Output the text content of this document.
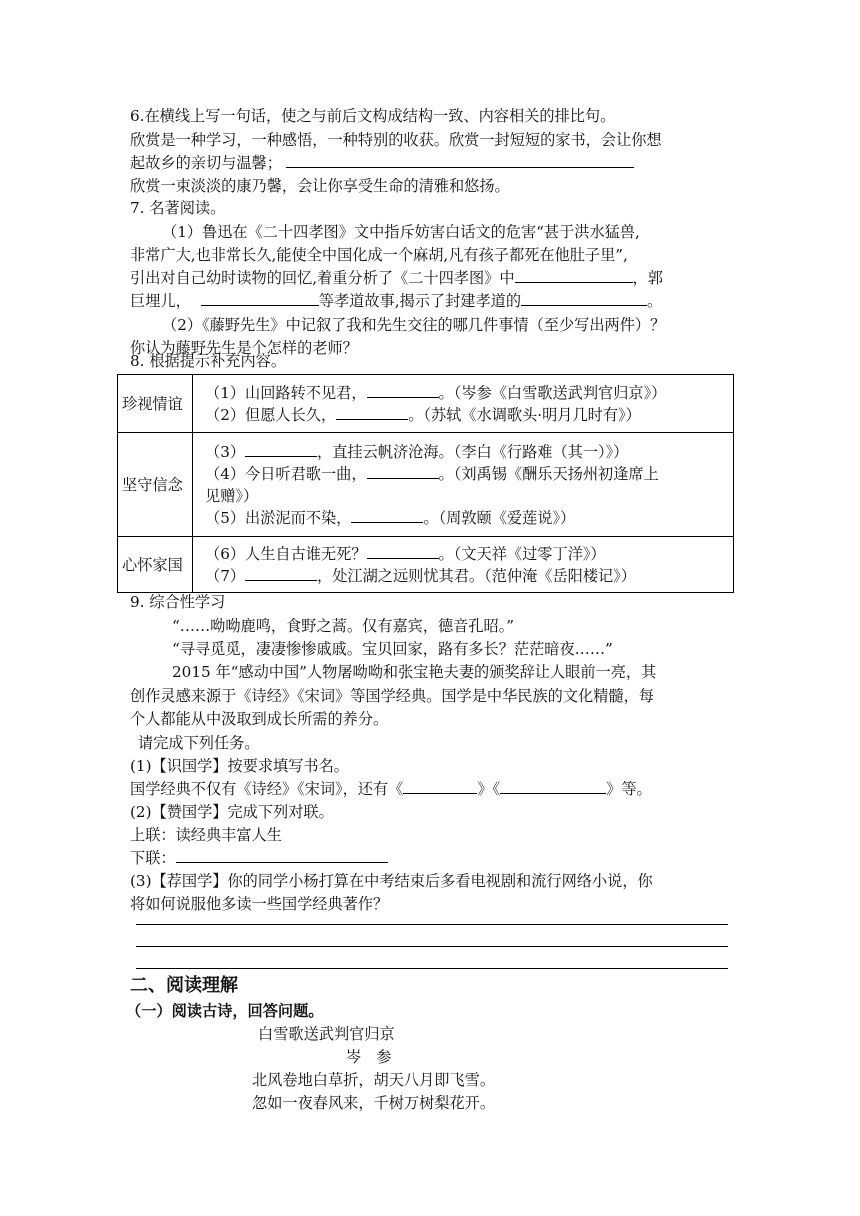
6.在横线上写一句话，使之与前后文构成结构一致、内容相关的排比句。
欣赏是一种学习，一种感悟，一种特别的收获。欣赏一封短短的家书，会让你想
起故乡的亲切与温馨；
欣赏一束淡淡的康乃馨，会让你享受生命的清雅和悠扬。
7. 名著阅读。
（1）鲁迅在《二十四孝图》文中指斥妨害白话文的危害“甚于洪水猛兽,
非常广大,也非常长久,能使全中国化成一个麻胡,凡有孩子都死在他肚子里”,
引出对自己幼时读物的回忆,着重分析了《二十四孝图》中	，郭
巨埋儿，	等孝道故事,揭示了封建孝道的	。
（2）《藤野先生》中记叙了我和先生交往的哪几件事情（至少写出两件）？
你认为藤野先生是个怎样的老师？
8. 根据提示补充内容。
珍视情谊	（1）山回路转不见君， 。（岑参《白雪歌送武判官归京》）
（2）但愿人长久， 。（苏轼《水调歌头·明月几时有》）

坚守信念	（3） ，直挂云帆济沧海。（李白《行路难（其一）》）
（4）今日听君歌一曲， 。（刘禹锡《酬乐天扬州初逢席上
见赠》）
（5）出淤泥而不染， 。（周敦颐《爱莲说》）

心怀家国	（6）人生自古谁无死？ 。（文天祥《过零丁洋》）
（7） ，处江湖之远则忧其君。（范仲淹《岳阳楼记》）
9. 综合性学习
“……呦呦鹿鸣，食野之蒿。仅有嘉宾，德音孔昭。”
“寻寻觅觅，凄凄惨惨戚戚。宝贝回家，路有多长？茫茫暗夜……”
2015 年“感动中国”人物屠呦呦和张宝艳夫妻的颁奖辞让人眼前一亮，其
创作灵感来源于《诗经》《宋词》等国学经典。国学是中华民族的文化精髓，每
个人都能从中汲取到成长所需的养分。
请完成下列任务。
(1)【识国学】按要求填写书名。
国学经典不仅有《诗经》《宋词》，还有《	》《	》等。
(2)【赞国学】完成下列对联。
上联：读经典丰富人生
下联：
(3)【荐国学】你的同学小杨打算在中考结束后多看电视剧和流行网络小说，你
将如何说服他多读一些国学经典著作？
二、阅读理解
（一）阅读古诗，回答问题。
白雪歌送武判官归京
岑　参
北风卷地白草折，胡天八月即飞雪。
忽如一夜春风来，千树万树梨花开。
